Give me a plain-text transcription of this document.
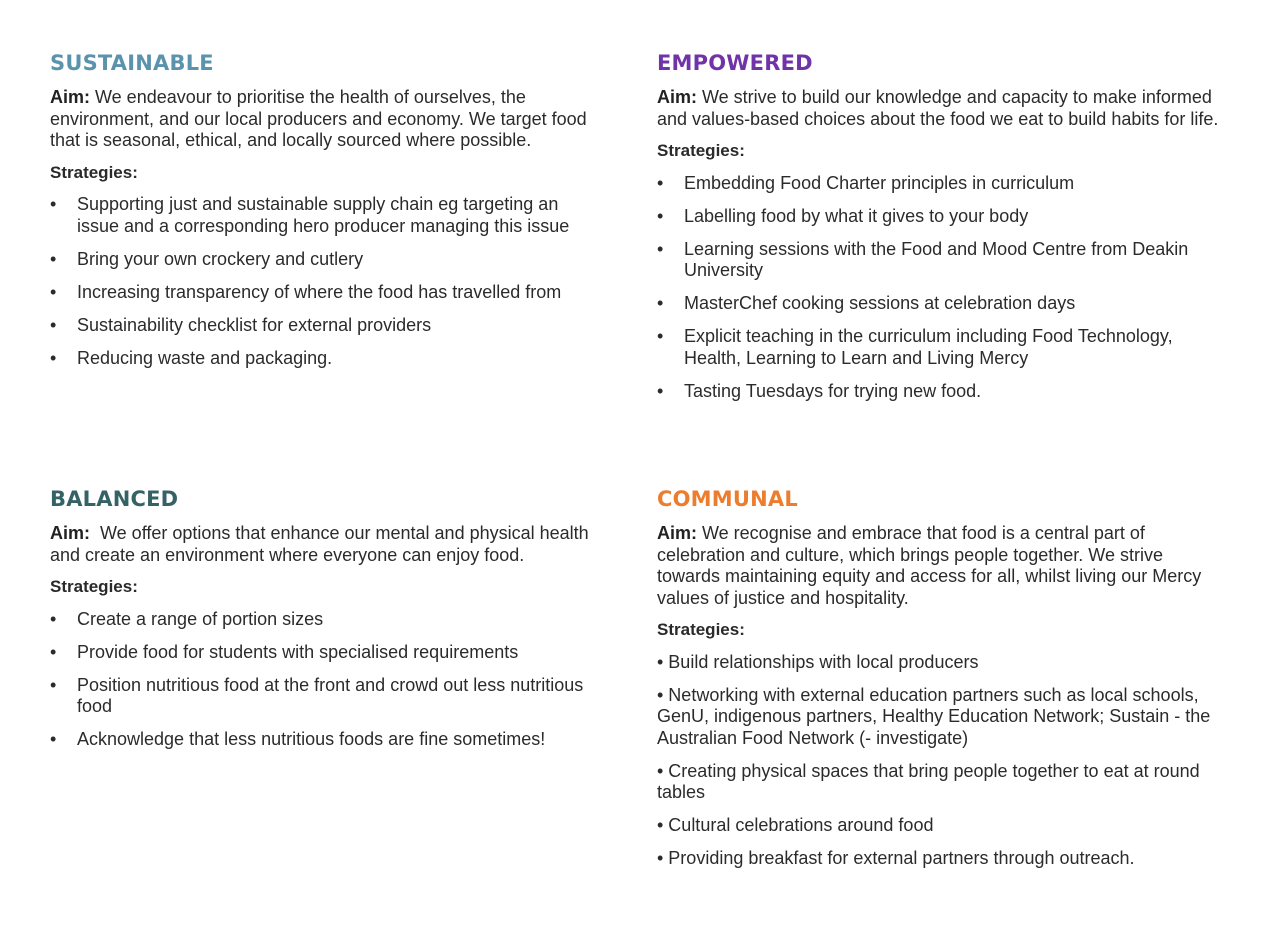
SUSTAINABLE

Aim: We endeavour to prioritise the health of ourselves, the environment, and our local producers and economy. We target food that is seasonal, ethical, and locally sourced where possible.

Strategies:
•	Supporting just and sustainable supply chain eg targeting an issue and a corresponding hero producer managing this issue
•	Bring your own crockery and cutlery
•	Increasing transparency of where the food has travelled from
•	Sustainability checklist for external providers
•	Reducing waste and packaging.
EMPOWERED

Aim: We strive to build our knowledge and capacity to make informed and values-based choices about the food we eat to build habits for life.

Strategies:
•	Embedding Food Charter principles in curriculum
•	Labelling food by what it gives to your body
•	Learning sessions with the Food and Mood Centre from Deakin University
•	MasterChef cooking sessions at celebration days
•	Explicit teaching in the curriculum including Food Technology, Health, Learning to Learn and Living Mercy
•	Tasting Tuesdays for trying new food.
BALANCED

Aim:  We offer options that enhance our mental and physical health and create an environment where everyone can enjoy food.

Strategies:
•	Create a range of portion sizes
•	Provide food for students with specialised requirements
•	Position nutritious food at the front and crowd out less nutritious food
•	Acknowledge that less nutritious foods are fine sometimes!
COMMUNAL

Aim: We recognise and embrace that food is a central part of celebration and culture, which brings people together. We strive towards maintaining equity and access for all, whilst living our Mercy values of justice and hospitality.

Strategies:
• Build relationships with local producers
• Networking with external education partners such as local schools, GenU, indigenous partners, Healthy Education Network; Sustain - the Australian Food Network (- investigate)
• Creating physical spaces that bring people together to eat at round tables
• Cultural celebrations around food
• Providing breakfast for external partners through outreach.
